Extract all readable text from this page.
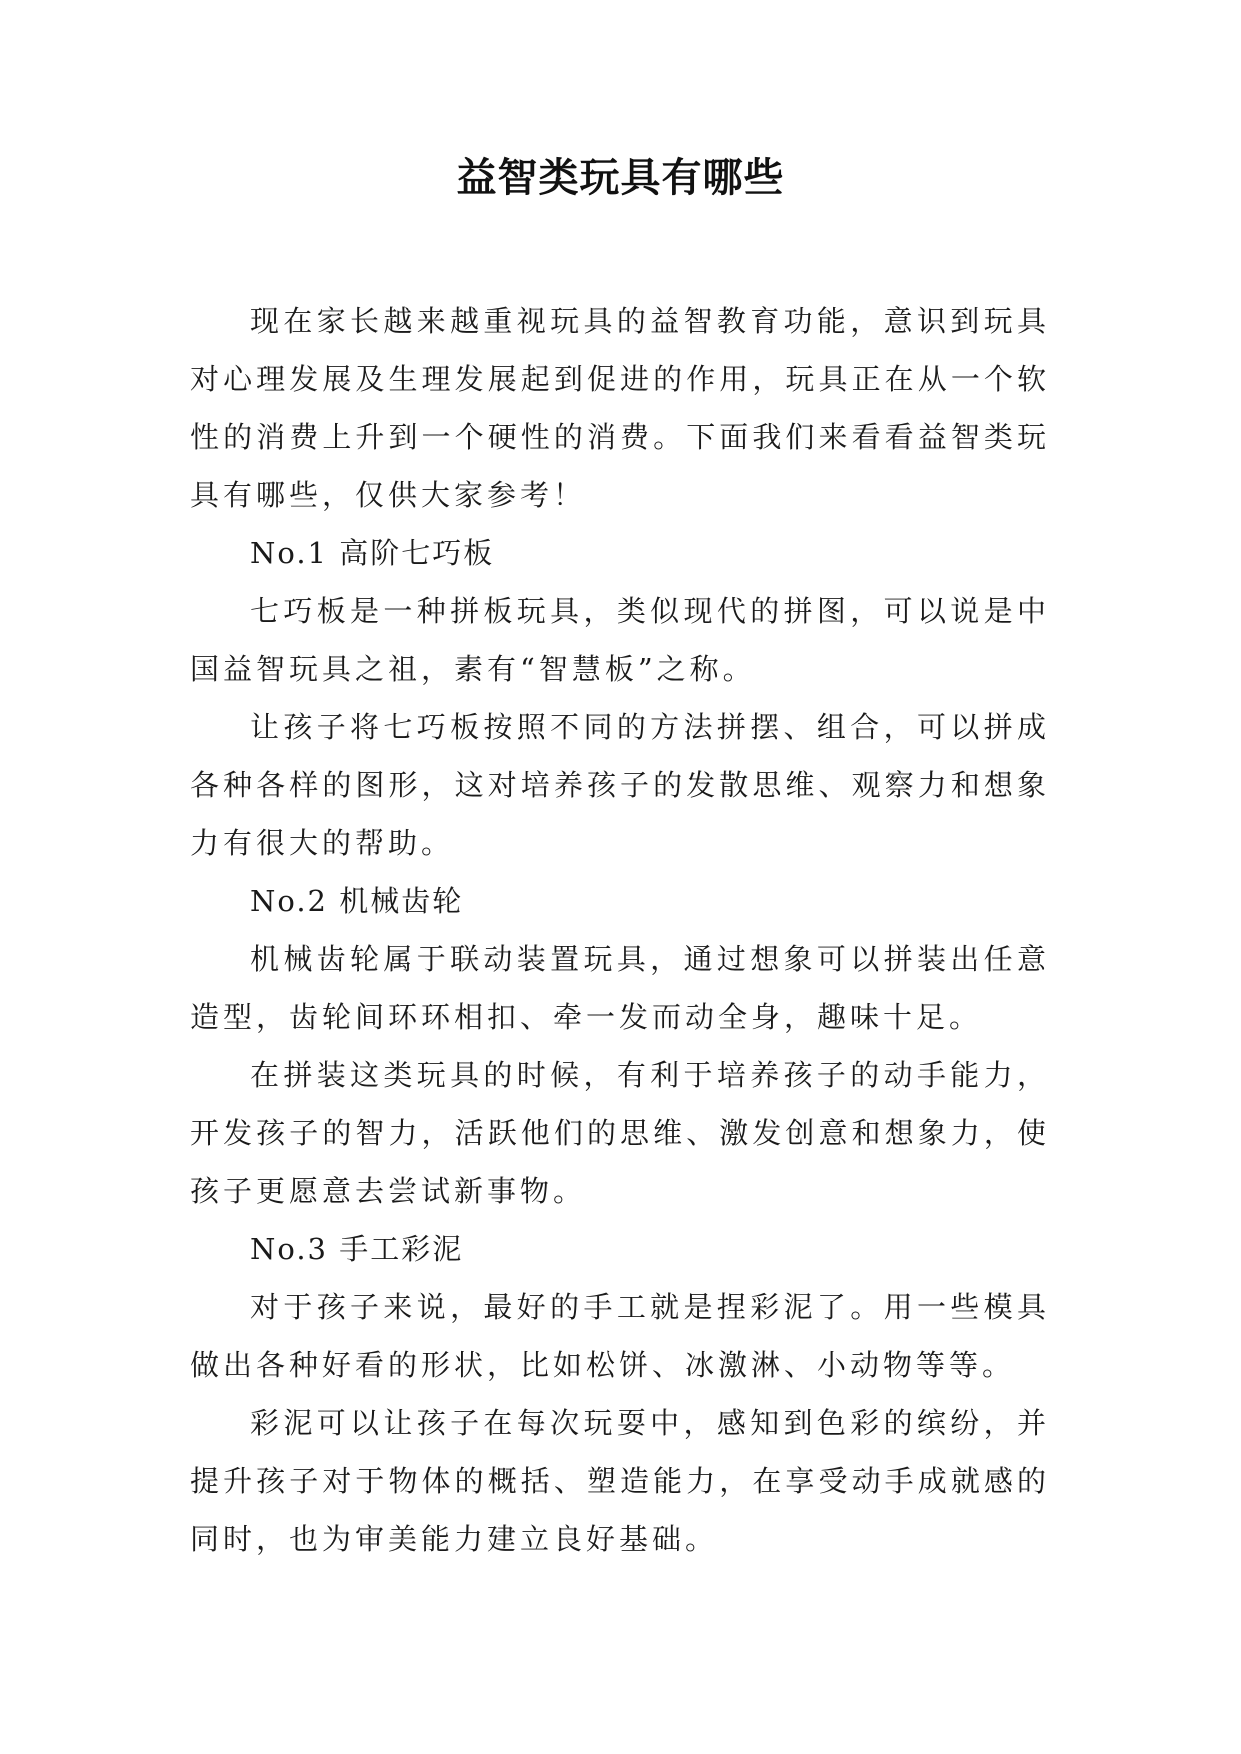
益智类玩具有哪些

现在家长越来越重视玩具的益智教育功能，意识到玩具对心理发展及生理发展起到促进的作用，玩具正在从一个软性的消费上升到一个硬性的消费。下面我们来看看益智类玩具有哪些，仅供大家参考！

No.1 高阶七巧板

七巧板是一种拼板玩具，类似现代的拼图，可以说是中国益智玩具之祖，素有“智慧板”之称。

让孩子将七巧板按照不同的方法拼摆、组合，可以拼成各种各样的图形，这对培养孩子的发散思维、观察力和想象力有很大的帮助。

No.2 机械齿轮

机械齿轮属于联动装置玩具，通过想象可以拼装出任意造型，齿轮间环环相扣、牵一发而动全身，趣味十足。

在拼装这类玩具的时候，有利于培养孩子的动手能力，开发孩子的智力，活跃他们的思维、激发创意和想象力，使孩子更愿意去尝试新事物。

No.3 手工彩泥

对于孩子来说，最好的手工就是捏彩泥了。用一些模具做出各种好看的形状，比如松饼、冰激淋、小动物等等。

彩泥可以让孩子在每次玩耍中，感知到色彩的缤纷，并提升孩子对于物体的概括、塑造能力，在享受动手成就感的同时，也为审美能力建立良好基础。
